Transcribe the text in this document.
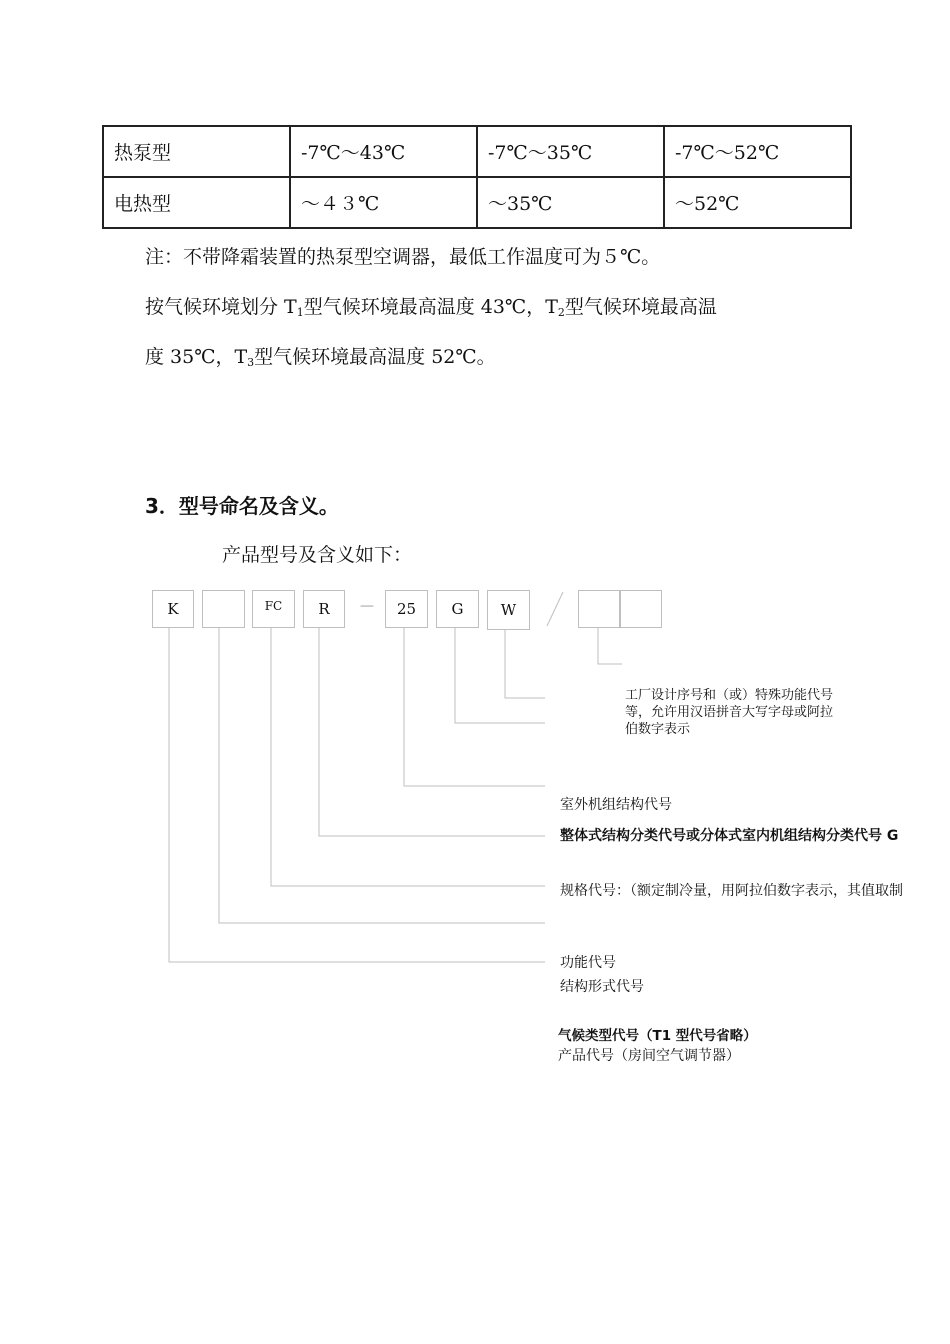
热泵型	-7℃～43℃	-7℃～35℃	-7℃～52℃
电热型	～４３℃	～35℃	～52℃
注：不带降霜装置的热泵型空调器，最低工作温度可为５℃。
按气候环境划分 $T_1$型气候环境最高温度 43℃，$T_2$型气候环境最高温
度 35℃，$T_3$型气候环境最高温度 52℃。
3．型号命名及含义。
产品型号及含义如下：
K	FC	R	—	25	G	W
工厂设计序号和（或）特殊功能代号
等，允许用汉语拼音大写字母或阿拉
伯数字表示
室外机组结构代号
整体式结构分类代号或分体式室内机组结构分类代号 G
规格代号：（额定制冷量，用阿拉伯数字表示，其值取制
功能代号
结构形式代号
气候类型代号（T1 型代号省略）
产品代号（房间空气调节器）
